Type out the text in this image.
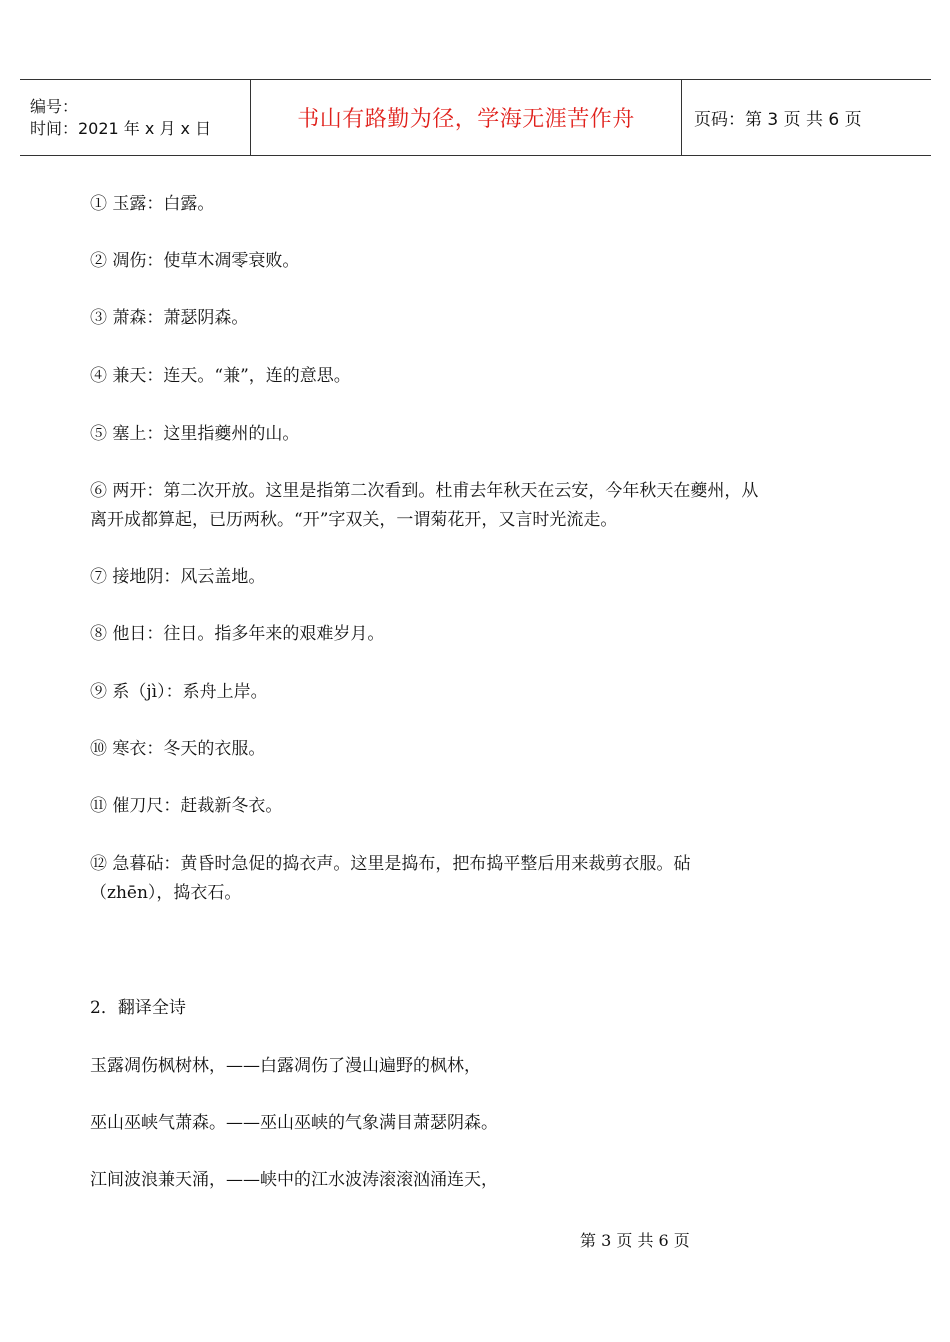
编号：
时间：2021 年 x 月 x 日	书山有路勤为径，学海无涯苦作舟	页码：第 3 页 共 6 页
① 玉露：白露。
② 凋伤：使草木凋零衰败。
③ 萧森：萧瑟阴森。
④ 兼天：连天。“兼”，连的意思。
⑤ 塞上：这里指夔州的山。
⑥ 两开：第二次开放。这里是指第二次看到。杜甫去年秋天在云安，今年秋天在夔州，从
离开成都算起，已历两秋。“开”字双关，一谓菊花开，又言时光流走。
⑦ 接地阴：风云盖地。
⑧ 他日：往日。指多年来的艰难岁月。
⑨ 系（jì）：系舟上岸。
⑩ 寒衣：冬天的衣服。
⑪ 催刀尺：赶裁新冬衣。
⑫ 急暮砧：黄昏时急促的捣衣声。这里是捣布，把布捣平整后用来裁剪衣服。砧
（zhēn），捣衣石。
2．翻译全诗
玉露凋伤枫树林，——白露凋伤了漫山遍野的枫林，
巫山巫峡气萧森。——巫山巫峡的气象满目萧瑟阴森。
江间波浪兼天涌，——峡中的江水波涛滚滚汹涌连天，
第 3 页 共 6 页
